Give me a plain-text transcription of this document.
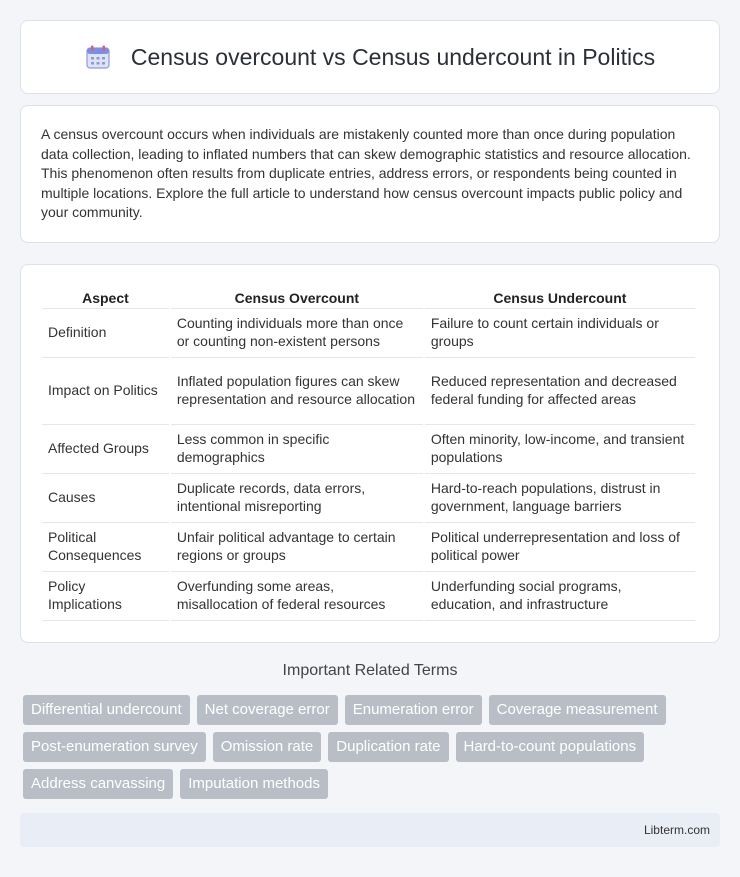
Census overcount vs Census undercount in Politics

A census overcount occurs when individuals are mistakenly counted more than once during population data collection, leading to inflated numbers that can skew demographic statistics and resource allocation. This phenomenon often results from duplicate entries, address errors, or respondents being counted in multiple locations. Explore the full article to understand how census overcount impacts public policy and your community.

Aspect	Census Overcount	Census Undercount
Definition	Counting individuals more than once or counting non-existent persons	Failure to count certain individuals or groups
Impact on Politics	Inflated population figures can skew representation and resource allocation	Reduced representation and decreased federal funding for affected areas
Affected Groups	Less common in specific demographics	Often minority, low-income, and transient populations
Causes	Duplicate records, data errors, intentional misreporting	Hard-to-reach populations, distrust in government, language barriers
Political Consequences	Unfair political advantage to certain regions or groups	Political underrepresentation and loss of political power
Policy Implications	Overfunding some areas, misallocation of federal resources	Underfunding social programs, education, and infrastructure
Important Related Terms
Differential undercount	Net coverage error	Enumeration error	Coverage measurement
Post-enumeration survey	Omission rate	Duplication rate	Hard-to-count populations
Address canvassing	Imputation methods
Libterm.com
